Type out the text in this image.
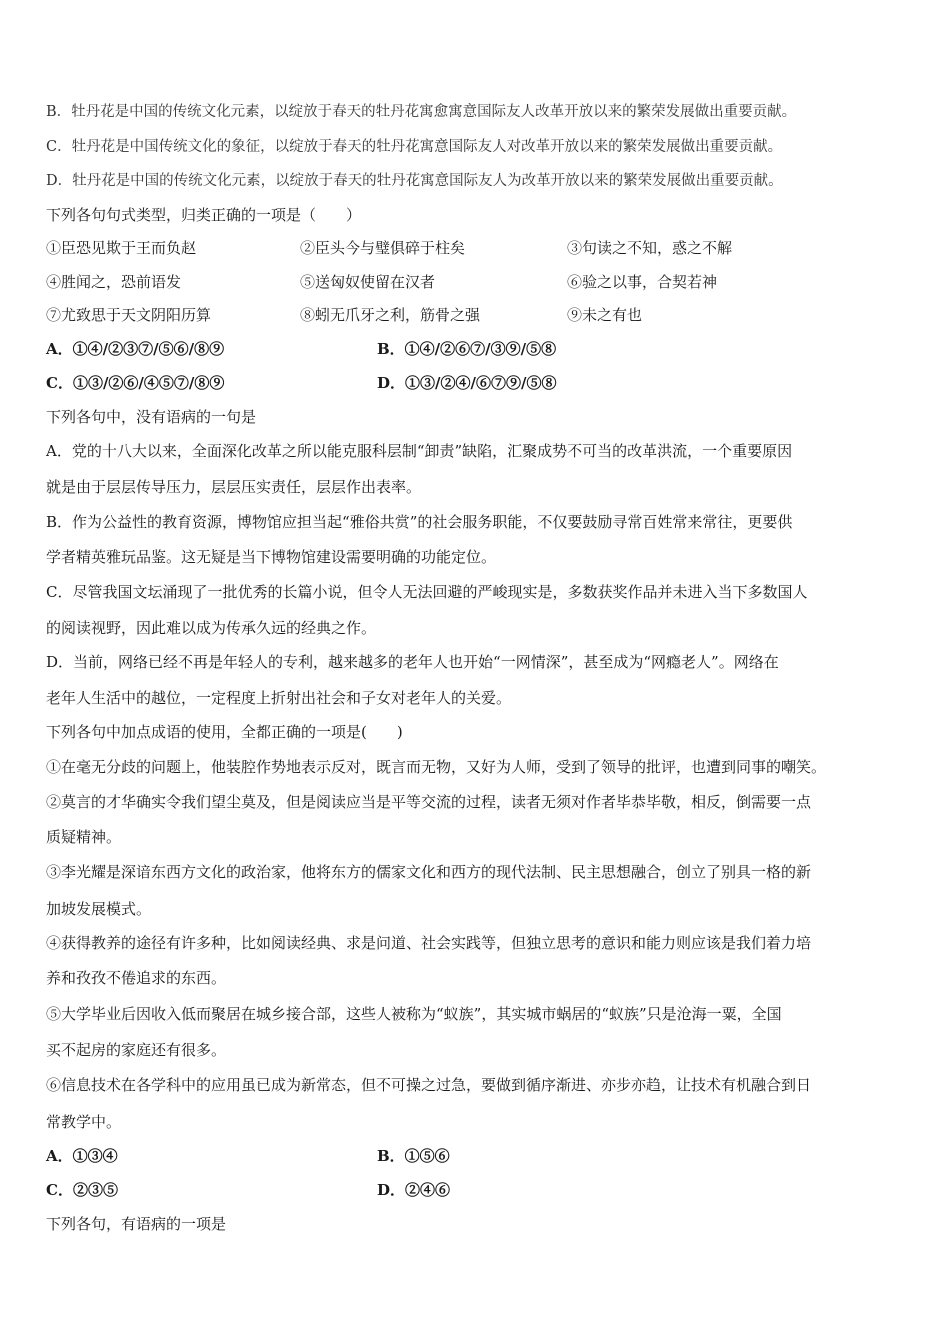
B．牡丹花是中国的传统文化元素，以绽放于春天的牡丹花寓愈寓意国际友人改革开放以来的繁荣发展做出重要贡献。
C．牡丹花是中国传统文化的象征，以绽放于春天的牡丹花寓意国际友人对改革开放以来的繁荣发展做出重要贡献。
D．牡丹花是中国的传统文化元素，以绽放于春天的牡丹花寓意国际友人为改革开放以来的繁荣发展做出重要贡献。
下列各句句式类型，归类正确的一项是（　　）
①臣恐见欺于王而负赵	②臣头今与璧俱碎于柱矣	③句读之不知，惑之不解
④胜闻之，恐前语发	⑤送匈奴使留在汉者	⑥验之以事，合契若神
⑦尤致思于天文阴阳历算	⑧蚓无爪牙之利，筋骨之强	⑨未之有也
A．①④/②③⑦/⑤⑥/⑧⑨	B．①④/②⑥⑦/③⑨/⑤⑧
C．①③/②⑥/④⑤⑦/⑧⑨	D．①③/②④/⑥⑦⑨/⑤⑧
下列各句中，没有语病的一句是
A．党的十八大以来，全面深化改革之所以能克服科层制“卸责”缺陷，汇聚成势不可当的改革洪流，一个重要原因
就是由于层层传导压力，层层压实责任，层层作出表率。
B．作为公益性的教育资源，博物馆应担当起“雅俗共赏”的社会服务职能，不仅要鼓励寻常百姓常来常往，更要供
学者精英雅玩品鉴。这无疑是当下博物馆建设需要明确的功能定位。
C．尽管我国文坛涌现了一批优秀的长篇小说，但令人无法回避的严峻现实是，多数获奖作品并未进入当下多数国人
的阅读视野，因此难以成为传承久远的经典之作。
D．当前，网络已经不再是年轻人的专利，越来越多的老年人也开始“一网情深”，甚至成为“网瘾老人”。网络在
老年人生活中的越位，一定程度上折射出社会和子女对老年人的关爱。
下列各句中加点成语的使用，全都正确的一项是(　　)
①在毫无分歧的问题上，他装腔作势地表示反对，既言而无物，又好为人师，受到了领导的批评，也遭到同事的嘲笑。
②莫言的才华确实令我们望尘莫及，但是阅读应当是平等交流的过程，读者无须对作者毕恭毕敬，相反，倒需要一点
质疑精神。
③李光耀是深谙东西方文化的政治家，他将东方的儒家文化和西方的现代法制、民主思想融合，创立了别具一格的新
加坡发展模式。
④获得教养的途径有许多种，比如阅读经典、求是问道、社会实践等，但独立思考的意识和能力则应该是我们着力培
养和孜孜不倦追求的东西。
⑤大学毕业后因收入低而聚居在城乡接合部，这些人被称为“蚁族”，其实城市蜗居的“蚁族”只是沧海一粟，全国
买不起房的家庭还有很多。
⑥信息技术在各学科中的应用虽已成为新常态，但不可操之过急，要做到循序渐进、亦步亦趋，让技术有机融合到日
常教学中。
A．①③④	B．①⑤⑥
C．②③⑤	D．②④⑥
下列各句，有语病的一项是
